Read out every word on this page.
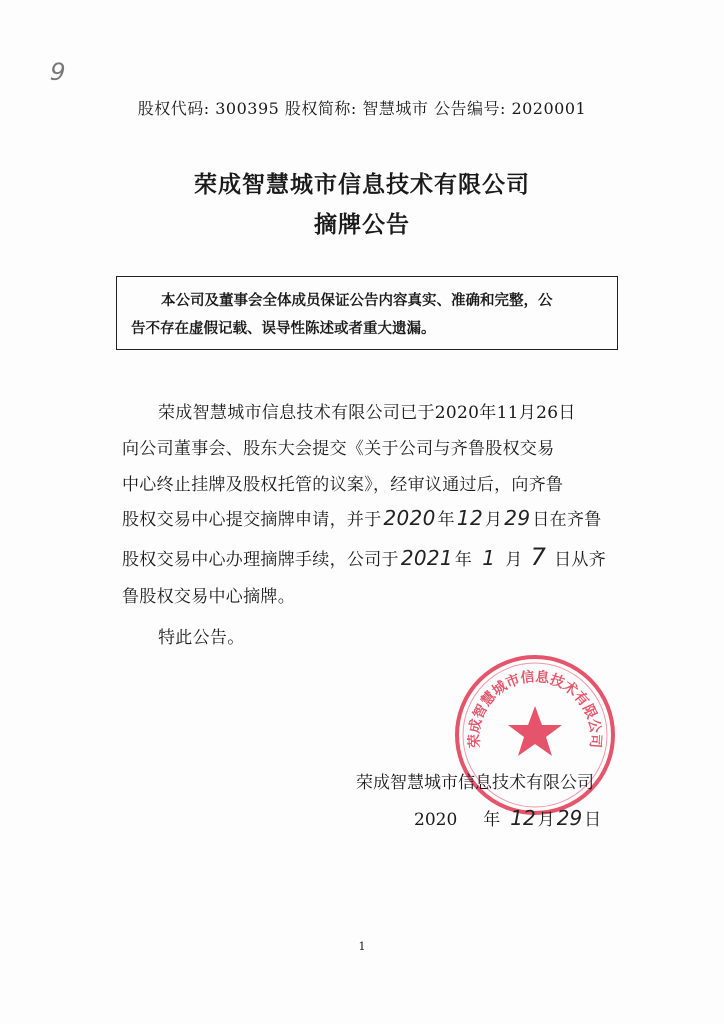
9
股权代码: 300395 股权简称: 智慧城市 公告编号: 2020001
荣成智慧城市信息技术有限公司
摘牌公告
本公司及董事会全体成员保证公告内容真实、准确和完整，公
告不存在虚假记载、误导性陈述或者重大遗漏。
荣成智慧城市信息技术有限公司已于2020年11月26日
向公司董事会、股东大会提交《关于公司与齐鲁股权交易
中心终止挂牌及股权托管的议案》，经审议通过后，向齐鲁
股权交易中心提交摘牌申请，并于 2020 年 12 月 29 日在齐鲁
股权交易中心办理摘牌手续，公司于 2021 年 1 月 7 日从齐
鲁股权交易中心摘牌。
特此公告。
荣成智慧城市信息技术有限公司
荣成智慧城市信息技术有限公司
2020 年 12 月 29 日
1
